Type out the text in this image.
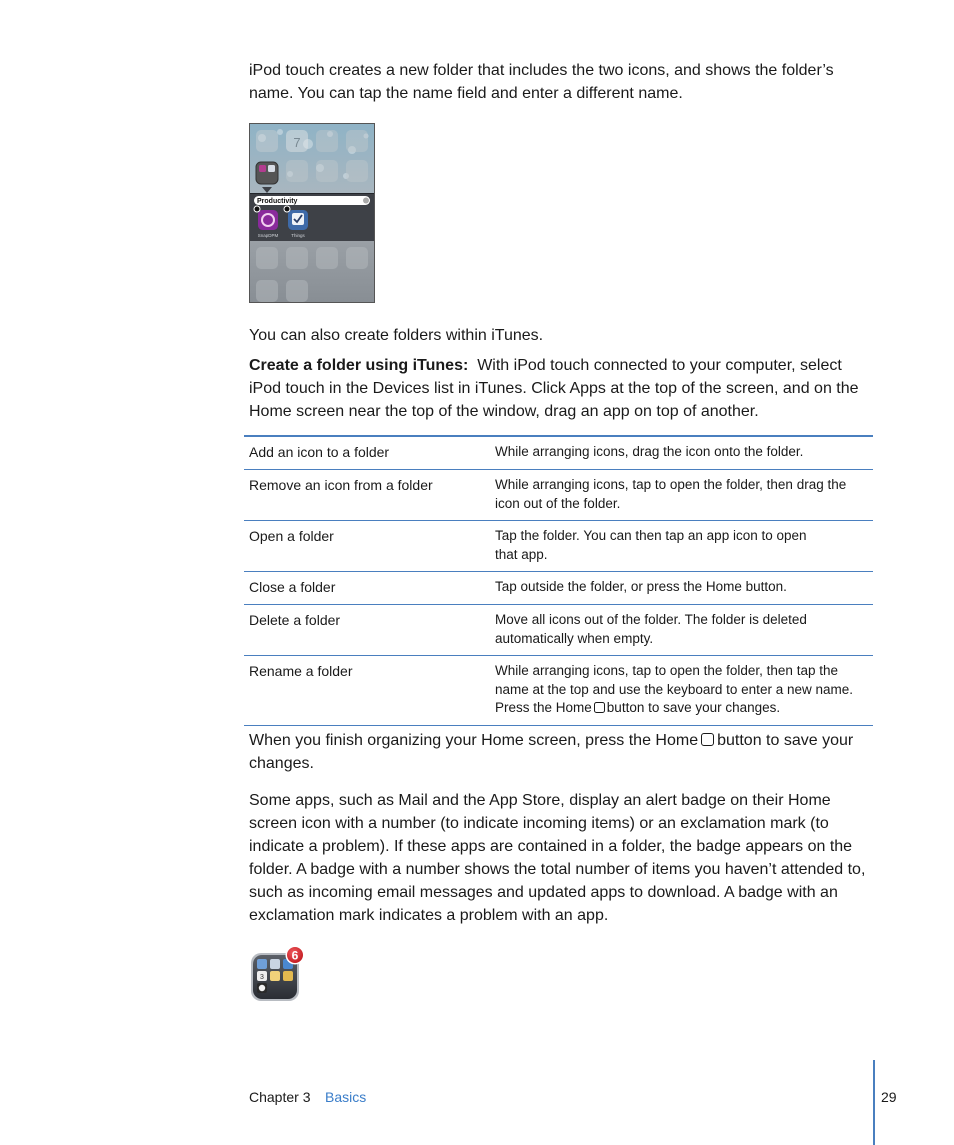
iPod touch creates a new folder that includes the two icons, and shows the folder’s
name. You can tap the name field and enter a different name.

7
Productivity
SnapDPM	Things

You can also create folders within iTunes.

Create a folder using iTunes: With iPod touch connected to your computer, select iPod touch in the Devices list in iTunes. Click Apps at the top of the screen, and on the Home screen near the top of the window, drag an app on top of another.

Add an icon to a folder	While arranging icons, drag the icon onto the folder.
Remove an icon from a folder	While arranging icons, tap to open the folder, then drag the icon out of the folder.
Open a folder	Tap the folder. You can then tap an app icon to open that app.
Close a folder	Tap outside the folder, or press the Home button.
Delete a folder	Move all icons out of the folder. The folder is deleted automatically when empty.
Rename a folder	While arranging icons, tap to open the folder, then tap the name at the top and use the keyboard to enter a new name. Press the Home button to save your changes.

When you finish organizing your Home screen, press the Home button to save your changes.

Some apps, such as Mail and the App Store, display an alert badge on their Home screen icon with a number (to indicate incoming items) or an exclamation mark (to indicate a problem). If these apps are contained in a folder, the badge appears on the folder. A badge with a number shows the total number of items you haven’t attended to, such as incoming email messages and updated apps to download. A badge with an exclamation mark indicates a problem with an app.

3
6
Chapter 3 Basics	29
